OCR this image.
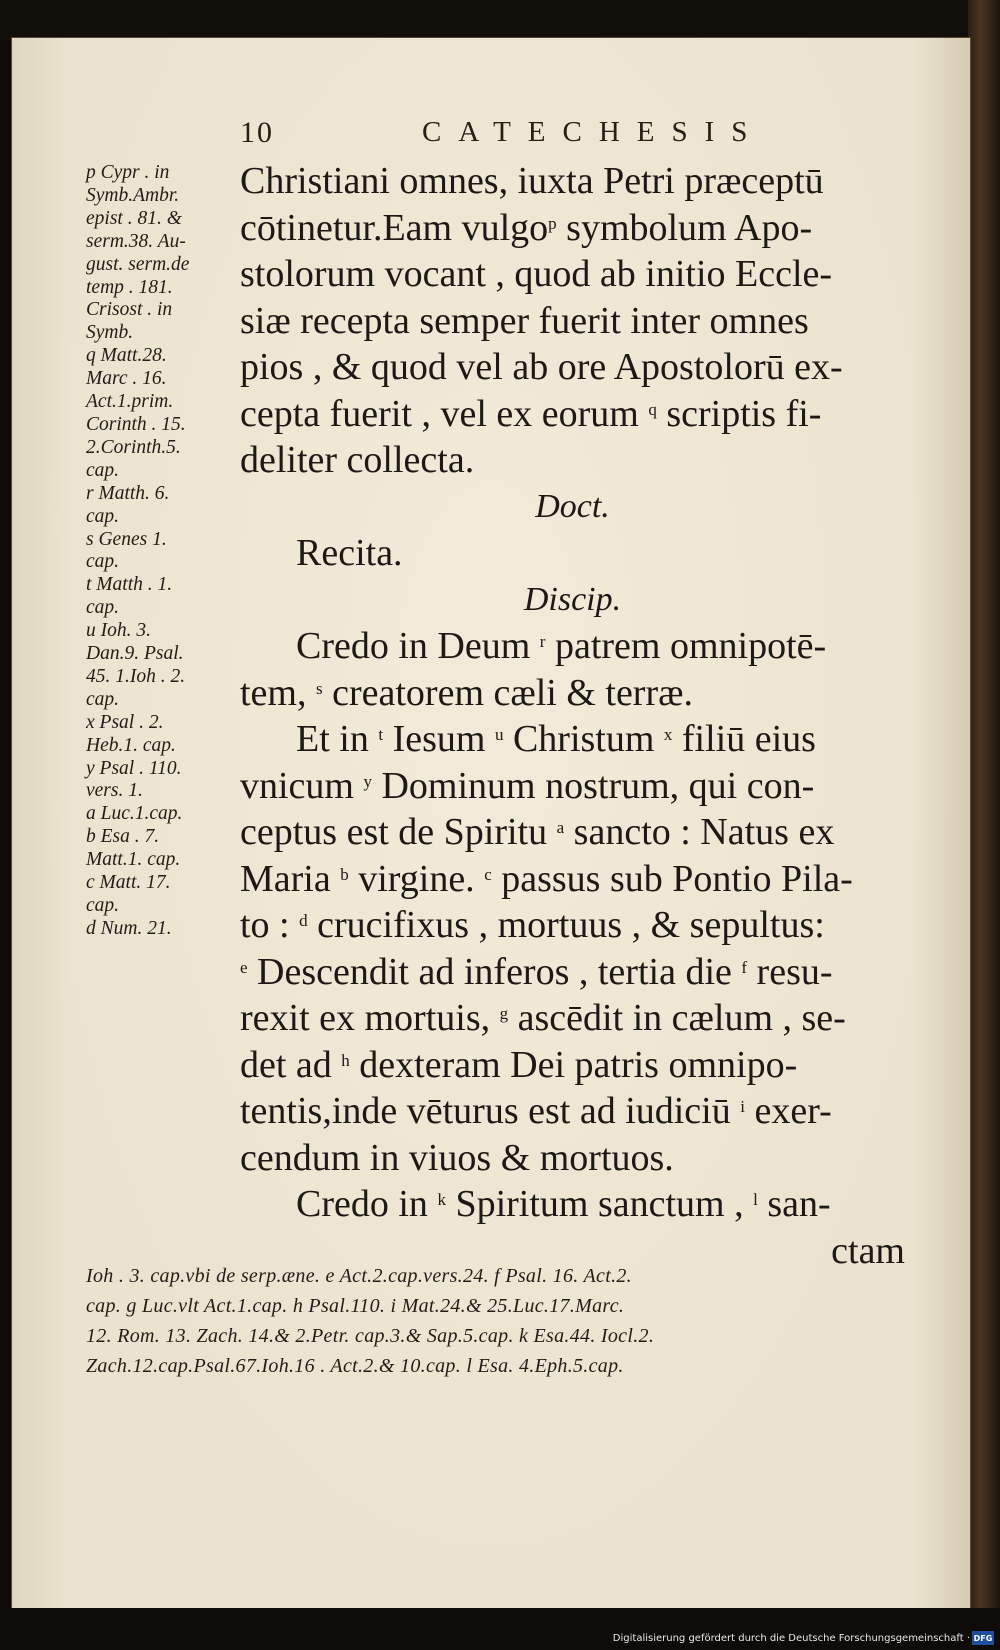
10	CATECHESIS
Christiani omnes, iuxta Petri præceptū
cōtinetur.Eam vulgo$^p$ symbolum Apo-
stolorum vocant , quod ab initio Eccle-
siæ recepta semper fuerit inter omnes
pios , & quod vel ab ore Apostolorū ex-
cepta fuerit , vel ex eorum $^q$ scriptis fi-
deliter collecta.
Doct.
Recita.
Discip.
Credo in Deum $^r$ patrem omnipotē-
tem, $^s$ creatorem cæli & terræ.
Et in $^t$ Iesum $^u$ Christum $^x$ filiū eius
vnicum $^y$ Dominum nostrum, qui con-
ceptus est de Spiritu $^a$ sancto : Natus ex
Maria $^b$ virgine. $^c$ passus sub Pontio Pila-
to : $^d$ crucifixus , mortuus , & sepultus:
$^e$ Descendit ad inferos , tertia die $^f$ resu-
rexit ex mortuis, $^g$ ascēdit in cælum , se-
det ad $^h$ dexteram Dei patris omnipo-
tentis,inde vēturus est ad iudiciū $^i$ exer-
cendum in viuos & mortuos.
Credo in $^k$ Spiritum sanctum , $^l$ san-
ctam
p Cypr . in
Symb.Ambr.
epist . 81. &
serm.38. Au-
gust. serm.de
temp . 181.
Crisost . in
Symb.
q Matt.28.
Marc . 16.
Act.1.prim.
Corinth . 15.
2.Corinth.5.
cap.
r Matth. 6.
cap.
s Genes 1.
cap.
t Matth . 1.
cap.
u Ioh. 3.
Dan.9. Psal.
45. 1.Ioh . 2.
cap.
x Psal . 2.
Heb.1. cap.
y Psal . 110.
vers. 1.
a Luc.1.cap.
b Esa . 7.
Matt.1. cap.
c Matt. 17.
cap.
d Num. 21.
Ioh . 3. cap.vbi de serp.æne. e Act.2.cap.vers.24. f Psal. 16. Act.2.
cap. g Luc.vlt Act.1.cap. h Psal.110. i Mat.24.& 25.Luc.17.Marc.
12. Rom. 13. Zach. 14.& 2.Petr. cap.3.& Sap.5.cap. k Esa.44. Iocl.2.
Zach.12.cap.Psal.67.Ioh.16 . Act.2.& 10.cap. l Esa. 4.Eph.5.cap.
Digitalisierung gefördert durch die Deutsche Forschungsgemeinschaft · DFG
